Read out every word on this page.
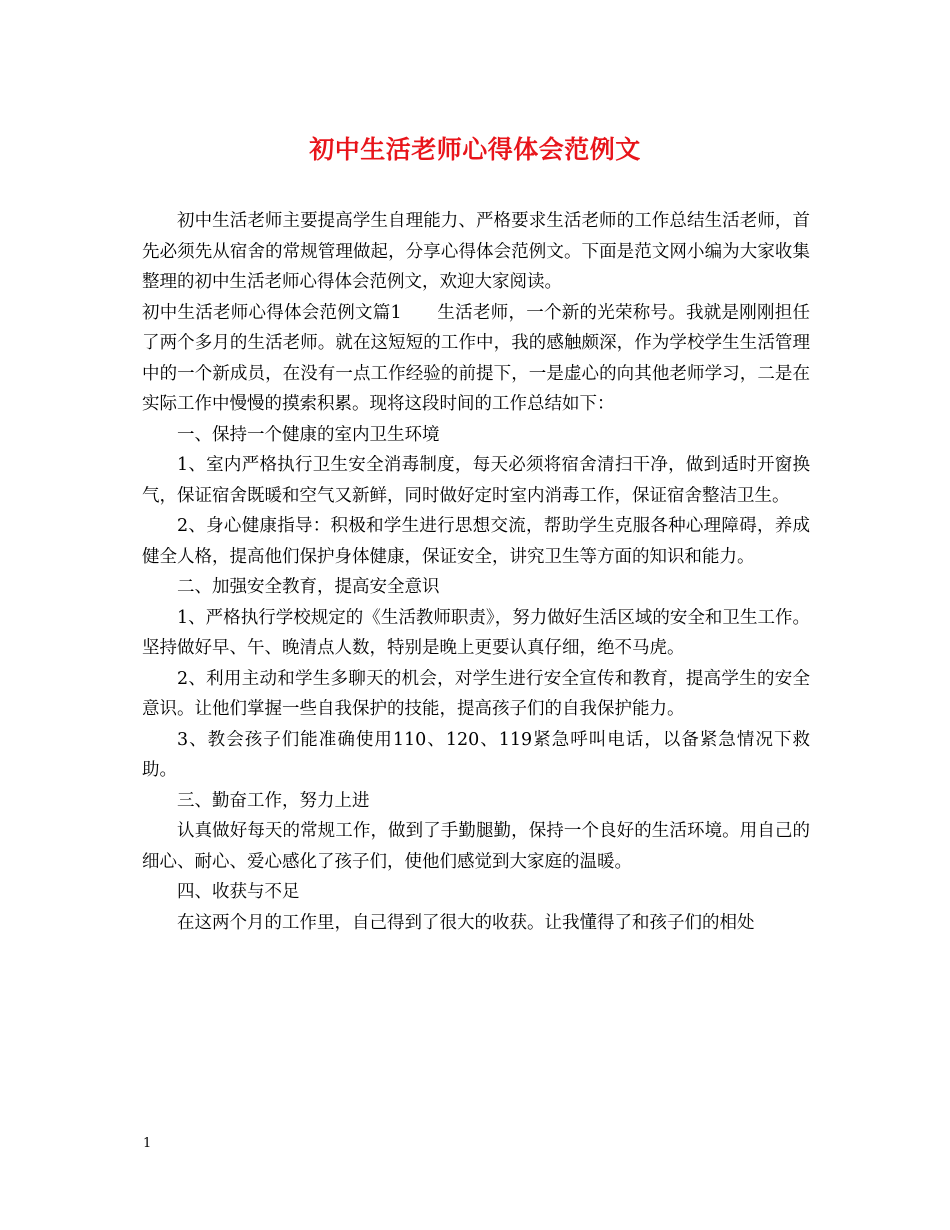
初中生活老师心得体会范例文

初中生活老师主要提高学生自理能力、严格要求生活老师的工作总结生活老师，首先必须先从宿舍的常规管理做起，分享心得体会范例文。下面是范文网小编为大家收集整理的初中生活老师心得体会范例文，欢迎大家阅读。

初中生活老师心得体会范例文篇1　　生活老师，一个新的光荣称号。我就是刚刚担任了两个多月的生活老师。就在这短短的工作中，我的感触颇深，作为学校学生生活管理中的一个新成员，在没有一点工作经验的前提下，一是虚心的向其他老师学习，二是在实际工作中慢慢的摸索积累。现将这段时间的工作总结如下：

一、保持一个健康的室内卫生环境

1、室内严格执行卫生安全消毒制度，每天必须将宿舍清扫干净，做到适时开窗换气，保证宿舍既暖和空气又新鲜，同时做好定时室内消毒工作，保证宿舍整洁卫生。

2、身心健康指导：积极和学生进行思想交流，帮助学生克服各种心理障碍，养成健全人格，提高他们保护身体健康，保证安全，讲究卫生等方面的知识和能力。

二、加强安全教育，提高安全意识

1、严格执行学校规定的《生活教师职责》，努力做好生活区域的安全和卫生工作。坚持做好早、午、晚清点人数，特别是晚上更要认真仔细，绝不马虎。

2、利用主动和学生多聊天的机会，对学生进行安全宣传和教育，提高学生的安全意识。让他们掌握一些自我保护的技能，提高孩子们的自我保护能力。

3、教会孩子们能准确使用110、120、119紧急呼叫电话，以备紧急情况下救助。

三、勤奋工作，努力上进

认真做好每天的常规工作，做到了手勤腿勤，保持一个良好的生活环境。用自己的细心、耐心、爱心感化了孩子们，使他们感觉到大家庭的温暖。

四、收获与不足

在这两个月的工作里，自己得到了很大的收获。让我懂得了和孩子们的相处

1
